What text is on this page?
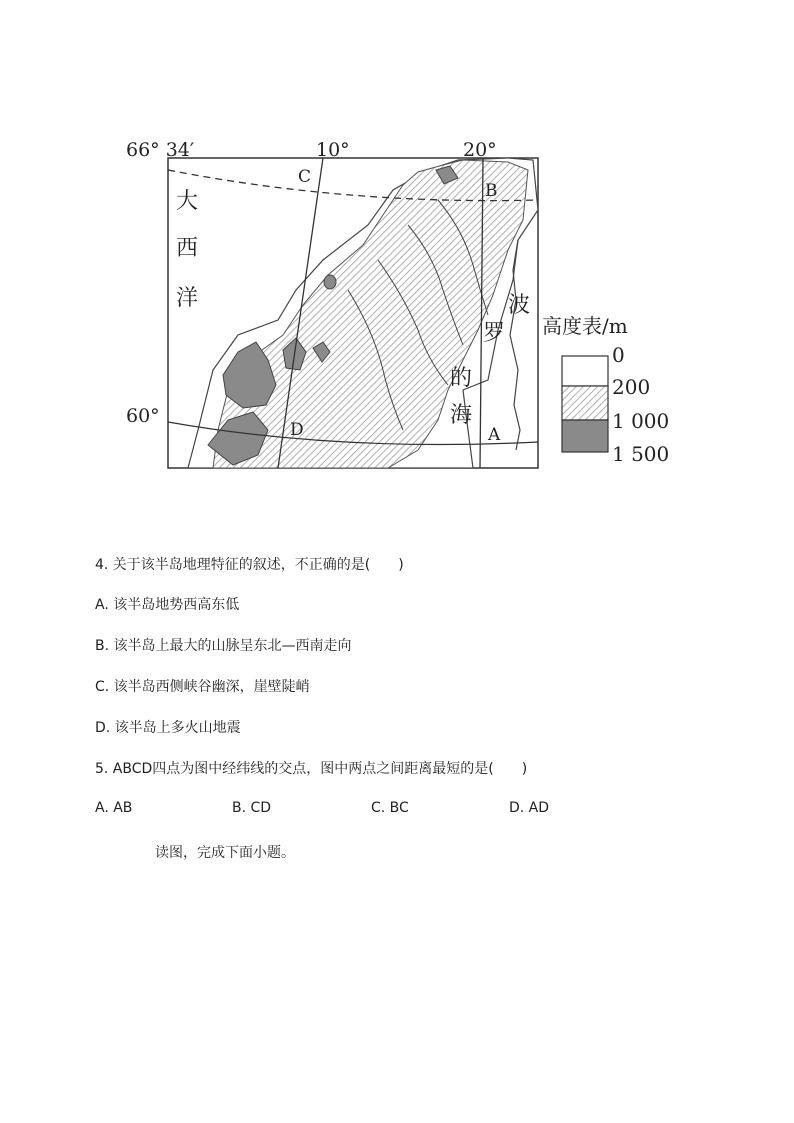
66° 34′
60°
10°	20°
C
B
D	A
大
西
洋	波
罗
的
海
高度表/m
0
200
1 000
1 500
4. 关于该半岛地理特征的叙述，不正确的是(　　)
A. 该半岛地势西高东低
B. 该半岛上最大的山脉呈东北—西南走向
C. 该半岛西侧峡谷幽深，崖壁陡峭
D. 该半岛上多火山地震
5. ABCD四点为图中经纬线的交点，图中两点之间距离最短的是(　　)
A. AB	B. CD	C. BC	D. AD
读图，完成下面小题。
